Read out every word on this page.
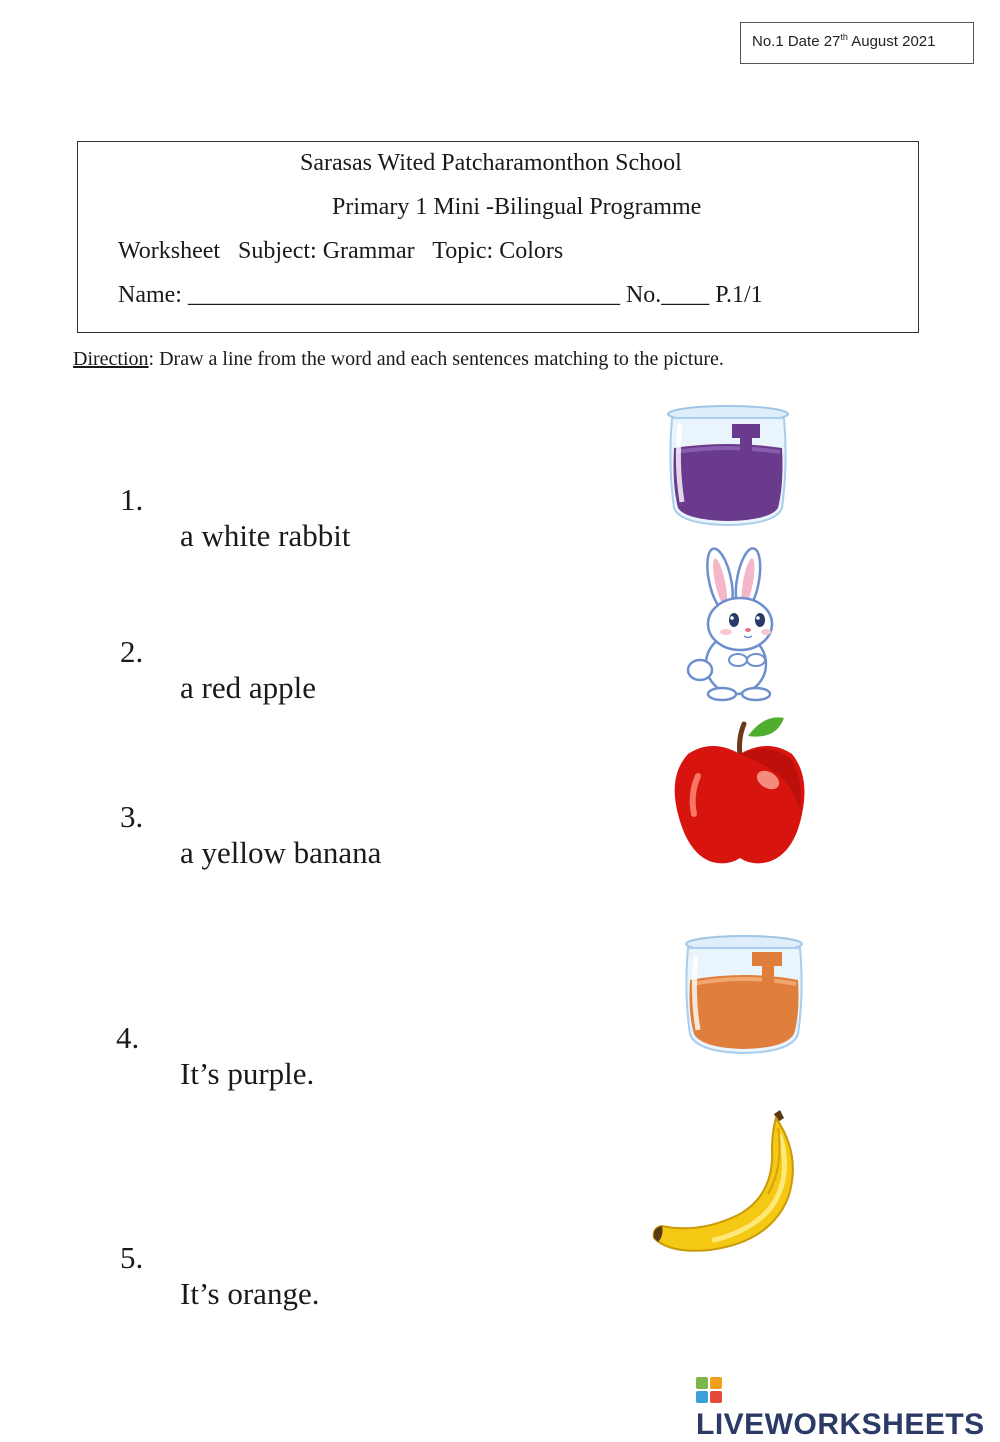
No.1 Date 27th August 2021
Sarasas Wited Patcharamonthon School
Primary 1 Mini -Bilingual Programme
Worksheet   Subject: Grammar   Topic: Colors
Name: ____________________________________ No.____ P.1/1
Direction: Draw a line from the word and each sentences matching to the picture.

1.

a white rabbit

2.

a red apple

3.

a yellow banana

4.

It’s purple.

5.

It’s orange.

LIVEWORKSHEETS
